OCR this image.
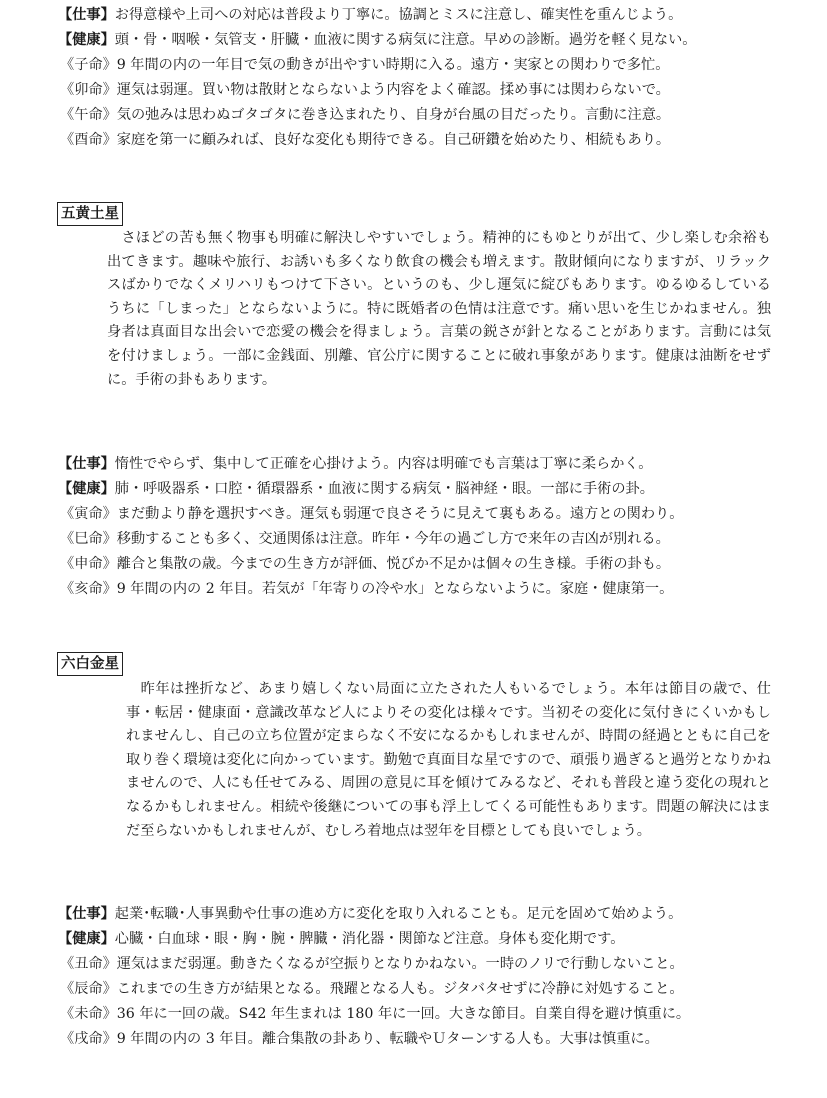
【仕事】お得意様や上司への対応は普段より丁寧に。協調とミスに注意し、確実性を重んじよう。
【健康】頭・骨・咽喉・気管支・肝臓・血液に関する病気に注意。早めの診断。過労を軽く見ない。
《子命》9 年間の内の一年目で気の動きが出やすい時期に入る。遠方・実家との関わりで多忙。
《卯命》運気は弱運。買い物は散財とならないよう内容をよく確認。揉め事には関わらないで。
《午命》気の弛みは思わぬゴタゴタに巻き込まれたり、自身が台風の目だったり。言動に注意。
《酉命》家庭を第一に顧みれば、良好な変化も期待できる。自己研鑽を始めたり、相続もあり。
五黄土星

さほどの苦も無く物事も明確に解決しやすいでしょう。精神的にもゆとりが出て、少し楽しむ余裕も出てきます。趣味や旅行、お誘いも多くなり飲食の機会も増えます。散財傾向になりますが、リラックスばかりでなくメリハリもつけて下さい。というのも、少し運気に綻びもあります。ゆるゆるしているうちに「しまった」とならないように。特に既婚者の色情は注意です。痛い思いを生じかねません。独身者は真面目な出会いで恋愛の機会を得ましょう。言葉の鋭さが針となることがあります。言動には気を付けましょう。一部に金銭面、別離、官公庁に関することに破れ事象があります。健康は油断をせずに。手術の卦もあります。

【仕事】惰性でやらず、集中して正確を心掛けよう。内容は明確でも言葉は丁寧に柔らかく。
【健康】肺・呼吸器系・口腔・循環器系・血液に関する病気・脳神経・眼。一部に手術の卦。
《寅命》まだ動より静を選択すべき。運気も弱運で良さそうに見えて裏もある。遠方との関わり。
《巳命》移動することも多く、交通関係は注意。昨年・今年の過ごし方で来年の吉凶が別れる。
《申命》離合と集散の歳。今までの生き方が評価、悦びか不足かは個々の生き様。手術の卦も。
《亥命》9 年間の内の 2 年目。若気が「年寄りの冷や水」とならないように。家庭・健康第一。
六白金星

昨年は挫折など、あまり嬉しくない局面に立たされた人もいるでしょう。本年は節目の歳で、仕事・転居・健康面・意識改革など人によりその変化は様々です。当初その変化に気付きにくいかもしれませんし、自己の立ち位置が定まらなく不安になるかもしれませんが、時間の経過とともに自己を取り巻く環境は変化に向かっています。勤勉で真面目な星ですので、頑張り過ぎると過労となりかねませんので、人にも任せてみる、周囲の意見に耳を傾けてみるなど、それも普段と違う変化の現れとなるかもしれません。相続や後継についての事も浮上してくる可能性もあります。問題の解決にはまだ至らないかもしれませんが、むしろ着地点は翌年を目標としても良いでしょう。

【仕事】起業･転職･人事異動や仕事の進め方に変化を取り入れることも。足元を固めて始めよう。
【健康】心臓・白血球・眼・胸・腕・脾臓・消化器・関節など注意。身体も変化期です。
《丑命》運気はまだ弱運。動きたくなるが空振りとなりかねない。一時のノリで行動しないこと。
《辰命》これまでの生き方が結果となる。飛躍となる人も。ジタバタせずに冷静に対処すること。
《未命》36 年に一回の歳。S42 年生まれは 180 年に一回。大きな節目。自業自得を避け慎重に。
《戌命》9 年間の内の 3 年目。離合集散の卦あり、転職やＵターンする人も。大事は慎重に。
